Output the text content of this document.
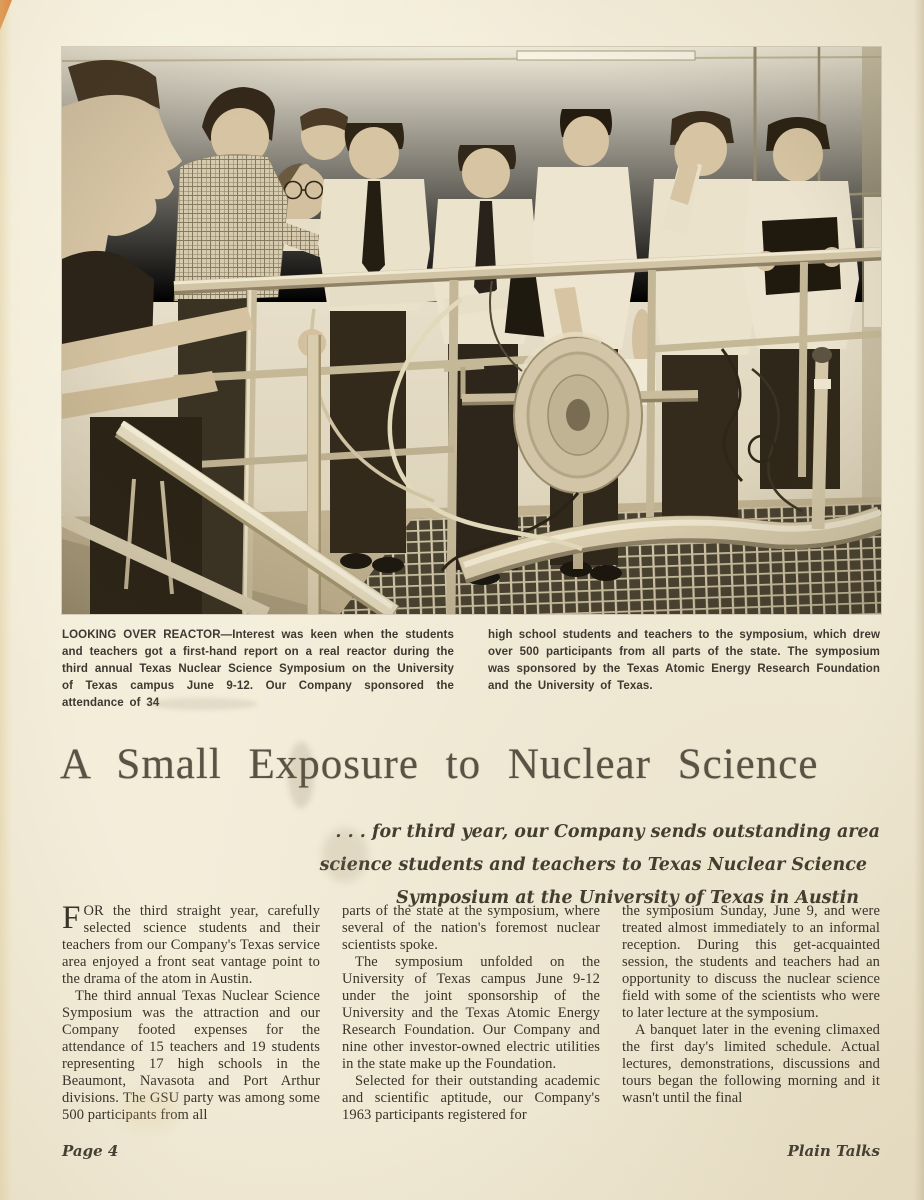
LOOKING OVER REACTOR—Interest was keen when the students and teachers got a first-hand report on a real reactor during the third annual Texas Nuclear Science Symposium on the University of Texas campus June 9-12. Our Company sponsored the attendance of 34

high school students and teachers to the symposium, which drew over 500 participants from all parts of the state. The symposium was sponsored by the Texas Atomic Energy Research Foundation and the University of Texas.

A Small Exposure to Nuclear Science
. . . for third year, our Company sends outstanding area
science students and teachers to Texas Nuclear Science
Symposium at the University of Texas in Austin

FOR the third straight year, carefully selected science students and their teachers from our Company's Texas service area enjoyed a front seat vantage point to the drama of the atom in Austin.

The third annual Texas Nuclear Science Symposium was the attraction and our Company footed expenses for the attendance of 15 teachers and 19 students representing 17 high schools in the Beaumont, Navasota and Port Arthur divisions. The GSU party was among some 500 participants from all

parts of the state at the symposium, where several of the nation's foremost nuclear scientists spoke.

The symposium unfolded on the University of Texas campus June 9-12 under the joint sponsorship of the University and the Texas Atomic Energy Research Foundation. Our Company and nine other investor-owned electric utilities in the state make up the Foundation.

Selected for their outstanding academic and scientific aptitude, our Company's 1963 participants registered for

the symposium Sunday, June 9, and were treated almost immediately to an informal reception. During this get-acquainted session, the students and teachers had an opportunity to discuss the nuclear science field with some of the scientists who were to later lecture at the symposium.

A banquet later in the evening climaxed the first day's limited schedule. Actual lectures, demonstrations, discussions and tours began the following morning and it wasn't until the final

Page 4	Plain Talks
